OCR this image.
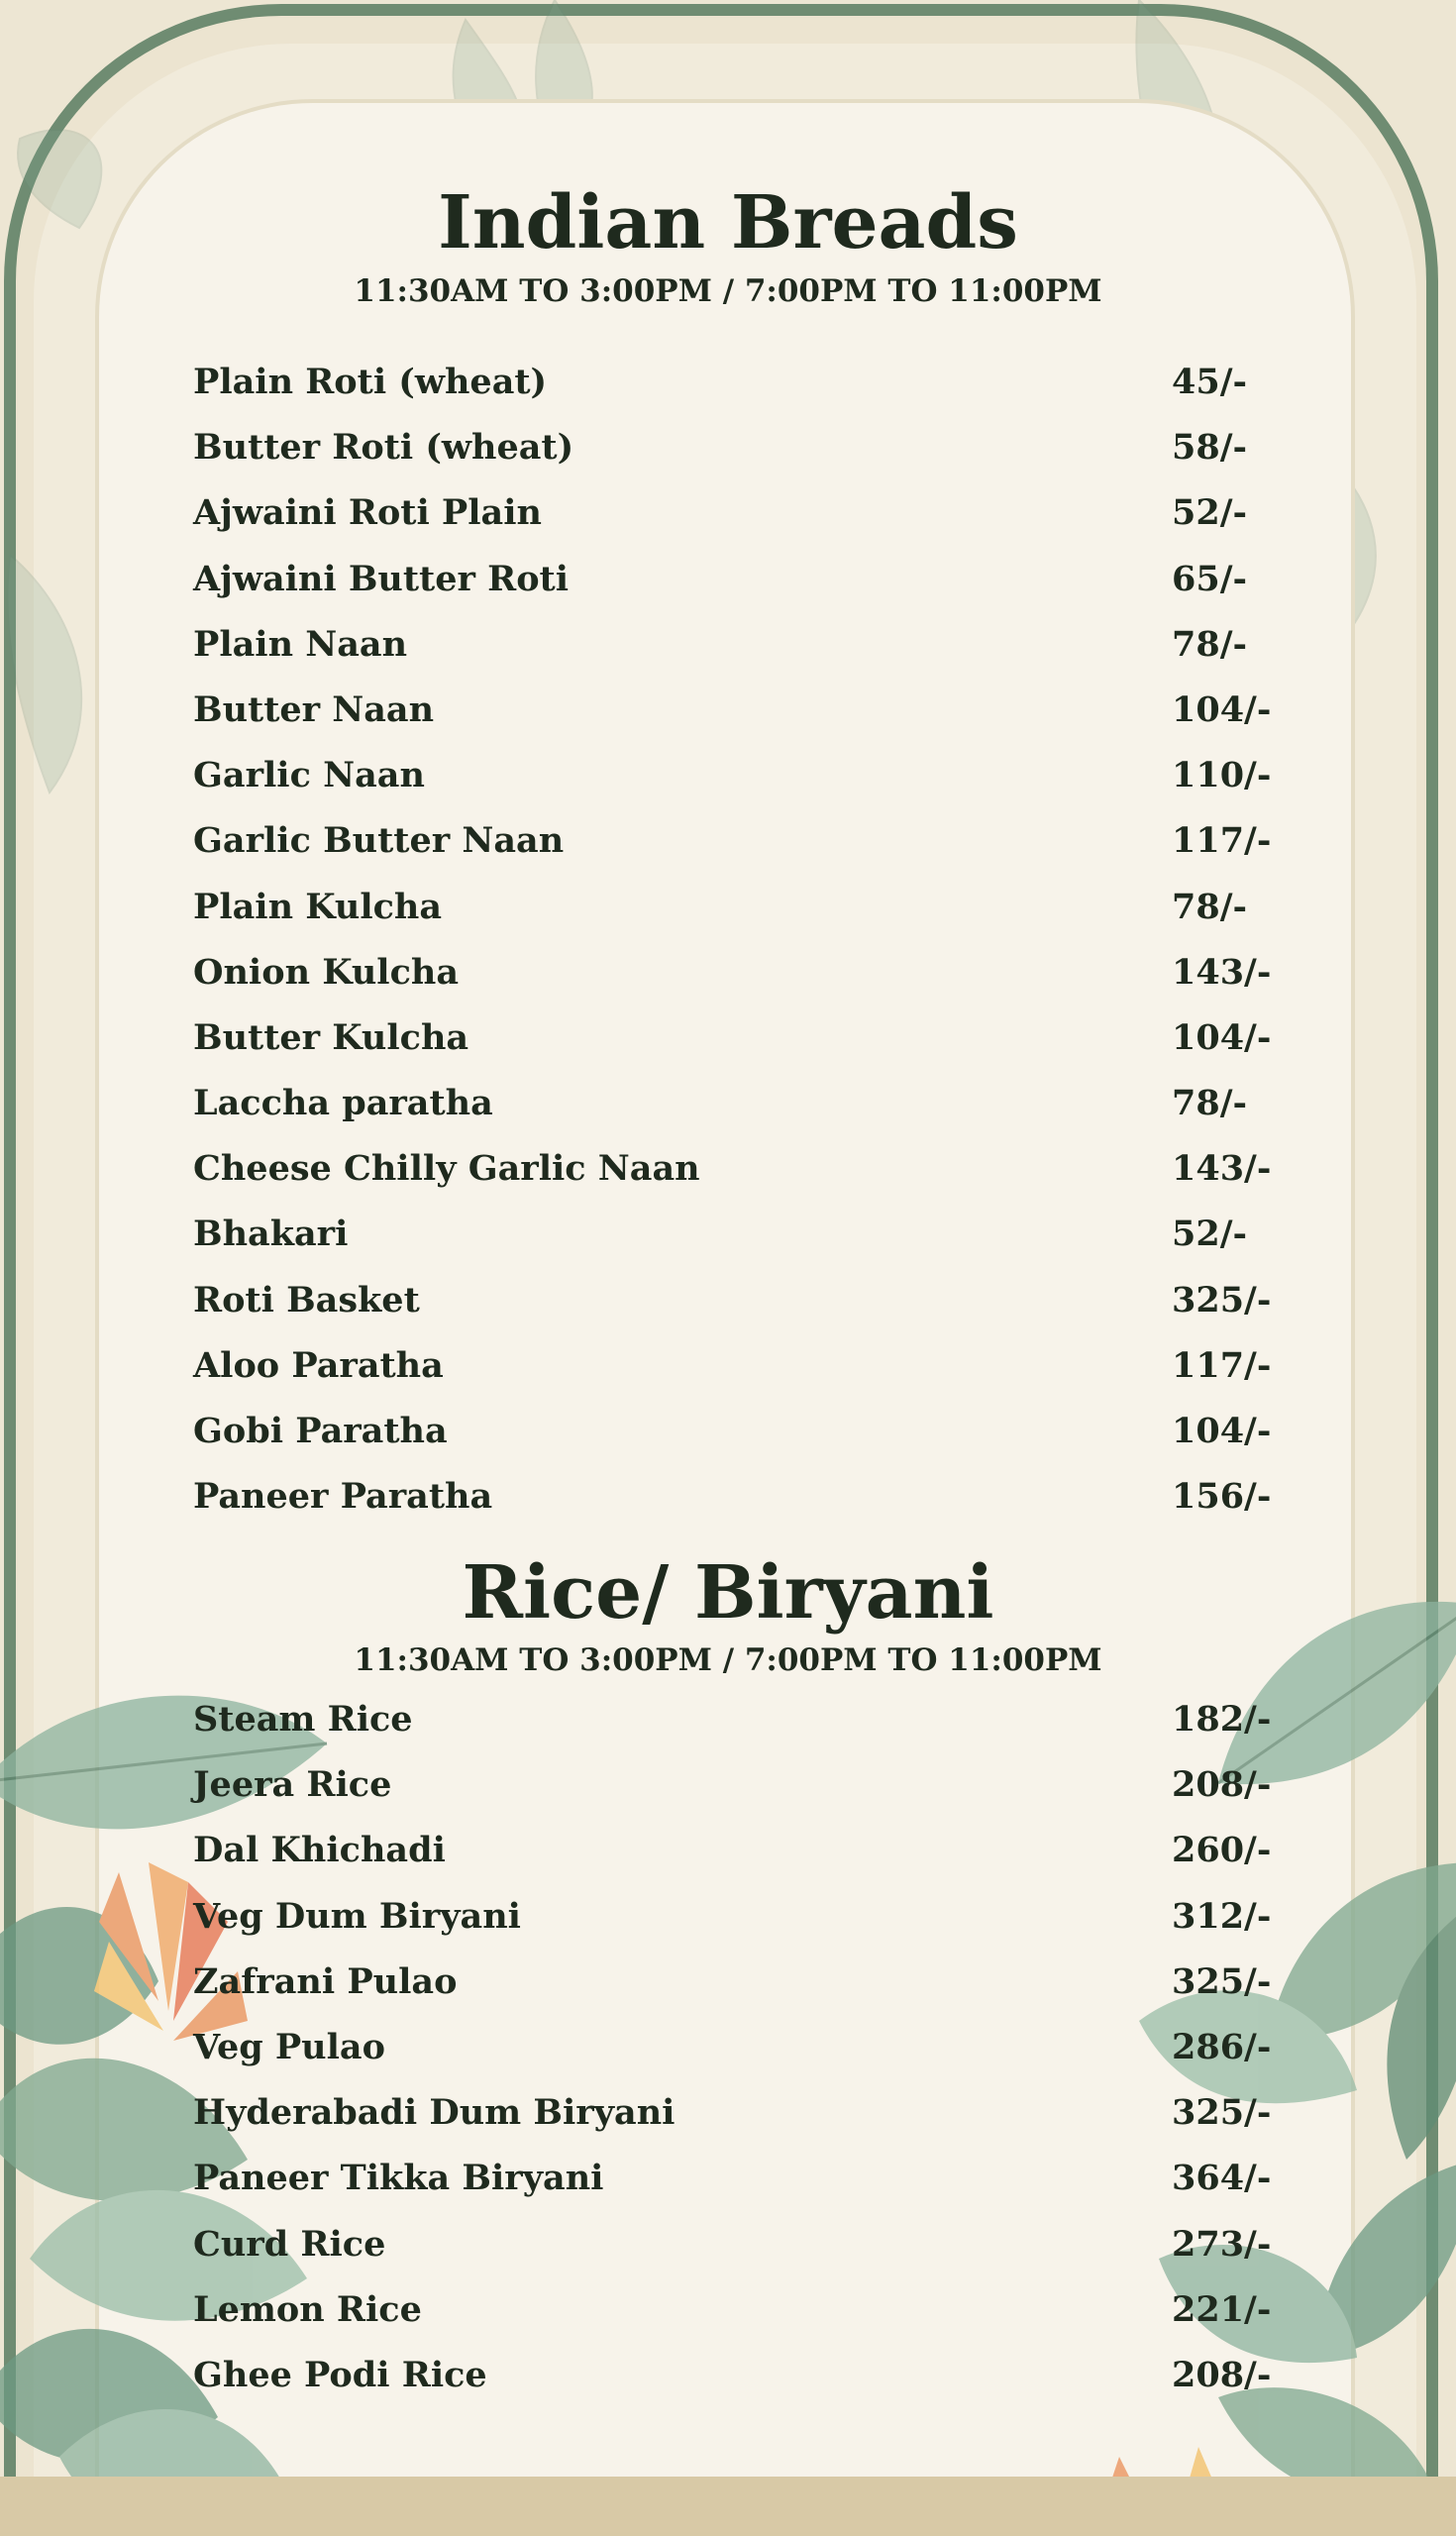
Indian Breads

11:30AM TO 3:00PM / 7:00PM TO 11:00PM

Plain Roti (wheat)	45/-
Butter Roti (wheat)	58/-
Ajwaini Roti Plain	52/-
Ajwaini Butter Roti	65/-
Plain Naan	78/-
Butter Naan	104/-
Garlic Naan	110/-
Garlic Butter Naan	117/-
Plain Kulcha	78/-
Onion Kulcha	143/-
Butter Kulcha	104/-
Laccha paratha	78/-
Cheese Chilly Garlic Naan	143/-
Bhakari	52/-
Roti Basket	325/-
Aloo Paratha	117/-
Gobi Paratha	104/-
Paneer Paratha	156/-
Rice/ Biryani

11:30AM TO 3:00PM / 7:00PM TO 11:00PM

Steam Rice	182/-
Jeera Rice	208/-
Dal Khichadi	260/-
Veg Dum Biryani	312/-
Zafrani Pulao	325/-
Veg Pulao	286/-
Hyderabadi Dum Biryani	325/-
Paneer Tikka Biryani	364/-
Curd Rice	273/-
Lemon Rice	221/-
Ghee Podi Rice	208/-
